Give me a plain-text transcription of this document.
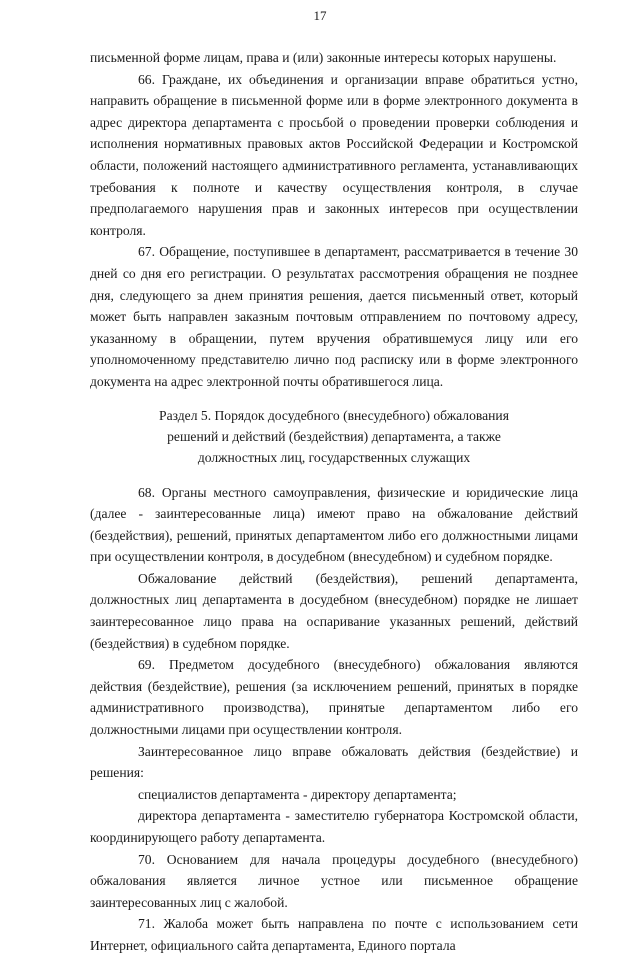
17

письменной форме лицам, права и (или) законные интересы которых нарушены.

66. Граждане, их объединения и организации вправе обратиться устно, направить обращение в письменной форме или в форме электронного документа в адрес директора департамента с просьбой о проведении проверки соблюдения и исполнения нормативных правовых актов Российской Федерации и Костромской области, положений настоящего административного регламента, устанавливающих требования к полноте и качеству осуществления контроля, в случае предполагаемого нарушения прав и законных интересов при осуществлении контроля.

67. Обращение, поступившее в департамент, рассматривается в течение 30 дней со дня его регистрации. О результатах рассмотрения обращения не позднее дня, следующего за днем принятия решения, дается письменный ответ, который может быть направлен заказным почтовым отправлением по почтовому адресу, указанному в обращении, путем вручения обратившемуся лицу или его уполномоченному представителю лично под расписку или в форме электронного документа на адрес электронной почты обратившегося лица.

Раздел 5. Порядок досудебного (внесудебного) обжалования
решений и действий (бездействия) департамента, а также
должностных лиц, государственных служащих

68. Органы местного самоуправления, физические и юридические лица (далее - заинтересованные лица) имеют право на обжалование действий (бездействия), решений, принятых департаментом либо его должностными лицами при осуществлении контроля, в досудебном (внесудебном) и судебном порядке.

Обжалование действий (бездействия), решений департамента, должностных лиц департамента в досудебном (внесудебном) порядке не лишает заинтересованное лицо права на оспаривание указанных решений, действий (бездействия) в судебном порядке.

69. Предметом досудебного (внесудебного) обжалования являются действия (бездействие), решения (за исключением решений, принятых в порядке административного производства), принятые департаментом либо его должностными лицами при осуществлении контроля.

Заинтересованное лицо вправе обжаловать действия (бездействие) и решения:

специалистов департамента - директору департамента;

директора департамента - заместителю губернатора Костромской области, координирующего работу департамента.

70. Основанием для начала процедуры досудебного (внесудебного) обжалования является личное устное или письменное обращение заинтересованных лиц с жалобой.

71. Жалоба может быть направлена по почте с использованием сети Интернет, официального сайта департамента, Единого портала
